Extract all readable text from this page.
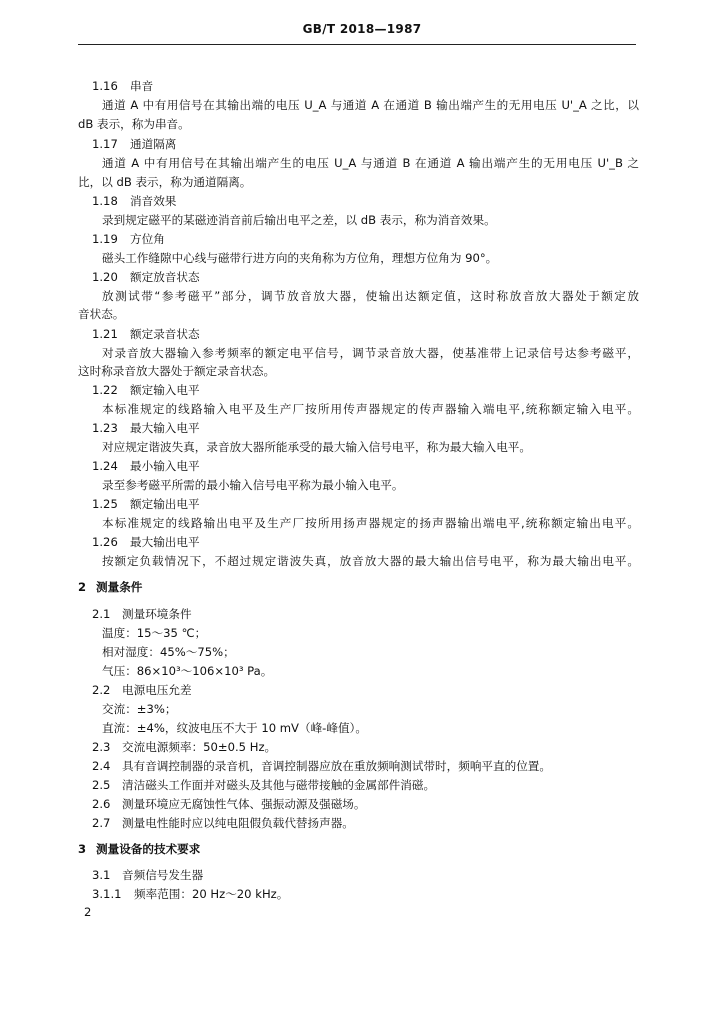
GB/T 2018—1987
1.16 串音
通道 A 中有用信号在其输出端的电压 U_A 与通道 A 在通道 B 输出端产生的无用电压 U'_A 之比，以
dB 表示，称为串音。
1.17 通道隔离
通道 A 中有用信号在其输出端产生的电压 U_A 与通道 B 在通道 A 输出端产生的无用电压 U'_B 之
比，以 dB 表示，称为通道隔离。
1.18 消音效果
录到规定磁平的某磁迹消音前后输出电平之差，以 dB 表示，称为消音效果。
1.19 方位角
磁头工作缝隙中心线与磁带行进方向的夹角称为方位角，理想方位角为 90°。
1.20 额定放音状态
放测试带“参考磁平”部分，调节放音放大器，使输出达额定值，这时称放音放大器处于额定放
音状态。
1.21 额定录音状态
对录音放大器输入参考频率的额定电平信号，调节录音放大器，使基准带上记录信号达参考磁平，
这时称录音放大器处于额定录音状态。
1.22 额定输入电平
本标准规定的线路输入电平及生产厂按所用传声器规定的传声器输入端电平,统称额定输入电平。
1.23 最大输入电平
对应规定谐波失真，录音放大器所能承受的最大输入信号电平，称为最大输入电平。
1.24 最小输入电平
录至参考磁平所需的最小输入信号电平称为最小输入电平。
1.25 额定输出电平
本标准规定的线路输出电平及生产厂按所用扬声器规定的扬声器输出端电平,统称额定输出电平。
1.26 最大输出电平
按额定负载情况下，不超过规定谐波失真，放音放大器的最大输出信号电平，称为最大输出电平。
2 测量条件
2.1 测量环境条件
温度：15～35 ℃；
相对湿度：45%～75%；
气压：86×10³～106×10³ Pa。
2.2 电源电压允差
交流：±3%；
直流：±4%，纹波电压不大于 10 mV（峰-峰值）。
2.3 交流电源频率：50±0.5 Hz。
2.4 具有音调控制器的录音机，音调控制器应放在重放频响测试带时，频响平直的位置。
2.5 清洁磁头工作面并对磁头及其他与磁带接触的金属部件消磁。
2.6 测量环境应无腐蚀性气体、强振动源及强磁场。
2.7 测量电性能时应以纯电阻假负载代替扬声器。
3 测量设备的技术要求
3.1 音频信号发生器
3.1.1 频率范围：20 Hz～20 kHz。
2
